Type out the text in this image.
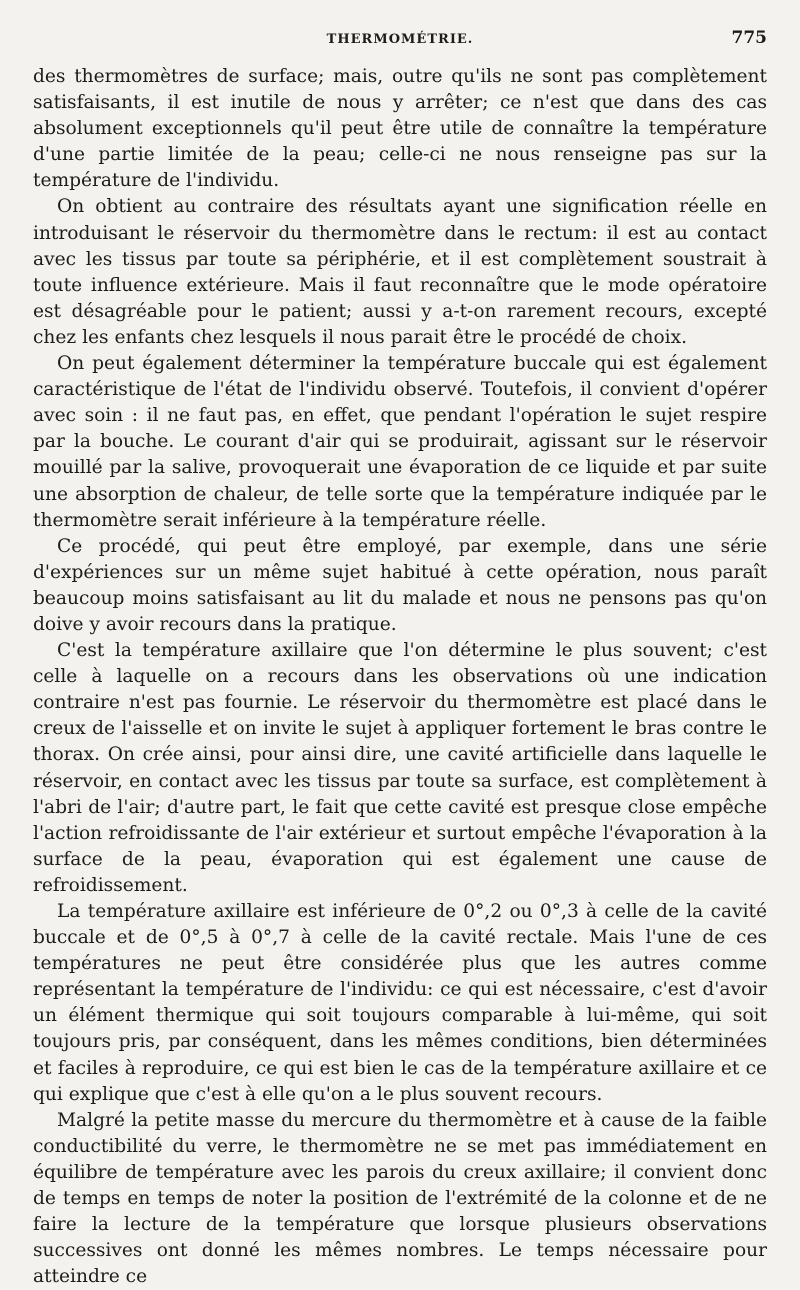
THERMOMÉTRIE.	775

des thermomètres de surface; mais, outre qu'ils ne sont pas complètement satisfaisants, il est inutile de nous y arrêter; ce n'est que dans des cas absolument exceptionnels qu'il peut être utile de connaître la température d'une partie limitée de la peau; celle-ci ne nous renseigne pas sur la température de l'individu.

On obtient au contraire des résultats ayant une signification réelle en introduisant le réservoir du thermomètre dans le rectum: il est au contact avec les tissus par toute sa périphérie, et il est complètement soustrait à toute influence extérieure. Mais il faut reconnaître que le mode opératoire est désagréable pour le patient; aussi y a-t-on rarement recours, excepté chez les enfants chez lesquels il nous parait être le procédé de choix.

On peut également déterminer la température buccale qui est également caractéristique de l'état de l'individu observé. Toutefois, il convient d'opérer avec soin : il ne faut pas, en effet, que pendant l'opération le sujet respire par la bouche. Le courant d'air qui se produirait, agissant sur le réservoir mouillé par la salive, provoquerait une évaporation de ce liquide et par suite une absorption de chaleur, de telle sorte que la température indiquée par le thermomètre serait inférieure à la température réelle.

Ce procédé, qui peut être employé, par exemple, dans une série d'expériences sur un même sujet habitué à cette opération, nous paraît beaucoup moins satisfaisant au lit du malade et nous ne pensons pas qu'on doive y avoir recours dans la pratique.

C'est la température axillaire que l'on détermine le plus souvent; c'est celle à laquelle on a recours dans les observations où une indication contraire n'est pas fournie. Le réservoir du thermomètre est placé dans le creux de l'aisselle et on invite le sujet à appliquer fortement le bras contre le thorax. On crée ainsi, pour ainsi dire, une cavité artificielle dans laquelle le réservoir, en contact avec les tissus par toute sa surface, est complètement à l'abri de l'air; d'autre part, le fait que cette cavité est presque close empêche l'action refroidissante de l'air extérieur et surtout empêche l'évaporation à la surface de la peau, évaporation qui est également une cause de refroidissement.

La température axillaire est inférieure de 0°,2 ou 0°,3 à celle de la cavité buccale et de 0°,5 à 0°,7 à celle de la cavité rectale. Mais l'une de ces températures ne peut être considérée plus que les autres comme représentant la température de l'individu: ce qui est nécessaire, c'est d'avoir un élément thermique qui soit toujours comparable à lui-même, qui soit toujours pris, par conséquent, dans les mêmes conditions, bien déterminées et faciles à reproduire, ce qui est bien le cas de la température axillaire et ce qui explique que c'est à elle qu'on a le plus souvent recours.

Malgré la petite masse du mercure du thermomètre et à cause de la faible conductibilité du verre, le thermomètre ne se met pas immédiatement en équilibre de température avec les parois du creux axillaire; il convient donc de temps en temps de noter la position de l'extrémité de la colonne et de ne faire la lecture de la température que lorsque plusieurs observations successives ont donné les mêmes nombres. Le temps nécessaire pour atteindre ce
